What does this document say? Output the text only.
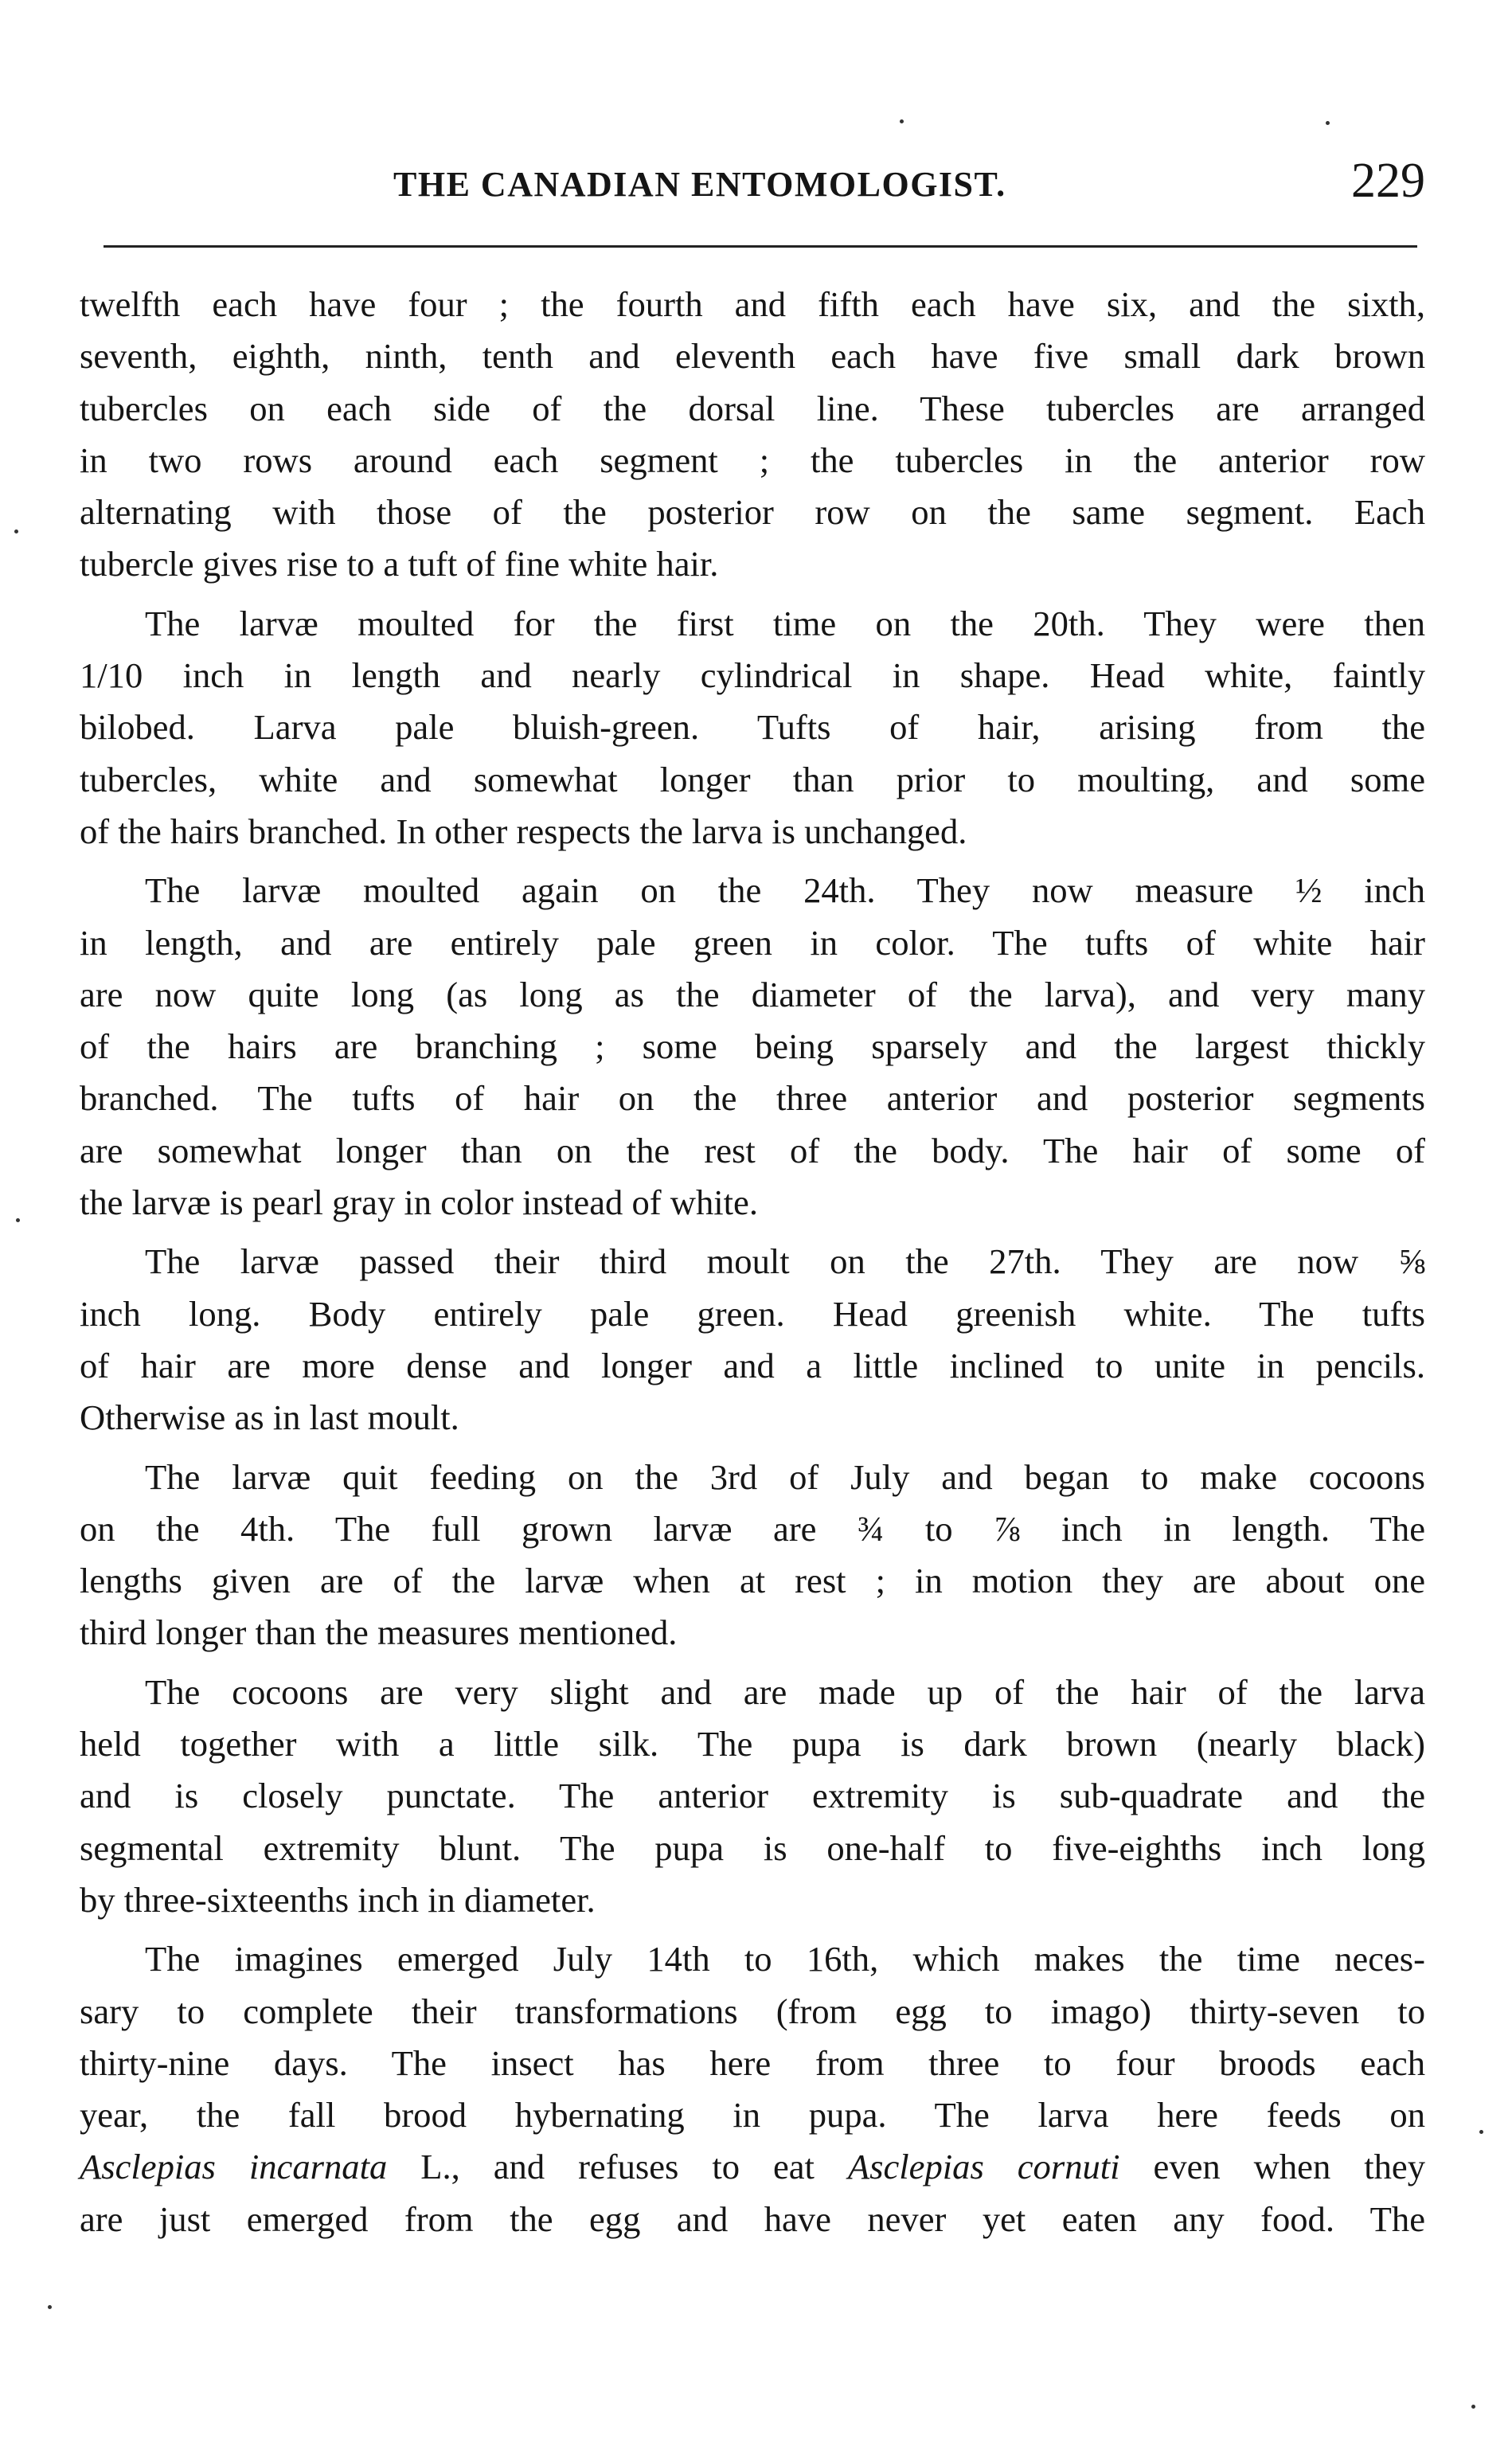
THE CANADIAN ENTOMOLOGIST.	229
twelfth each have four ; the fourth and fifth each have six, and the sixth,
seventh, eighth, ninth, tenth and eleventh each have five small dark brown
tubercles on each side of the dorsal line. These tubercles are arranged
in two rows around each segment ; the tubercles in the anterior row
alternating with those of the posterior row on the same segment. Each
tubercle gives rise to a tuft of fine white hair.
The larvæ moulted for the first time on the 20th. They were then
1/10 inch in length and nearly cylindrical in shape. Head white, faintly
bilobed. Larva pale bluish-green. Tufts of hair, arising from the
tubercles, white and somewhat longer than prior to moulting, and some
of the hairs branched. In other respects the larva is unchanged.
The larvæ moulted again on the 24th. They now measure ½ inch
in length, and are entirely pale green in color. The tufts of white hair
are now quite long (as long as the diameter of the larva), and very many
of the hairs are branching ; some being sparsely and the largest thickly
branched. The tufts of hair on the three anterior and posterior segments
are somewhat longer than on the rest of the body. The hair of some of
the larvæ is pearl gray in color instead of white.
The larvæ passed their third moult on the 27th. They are now ⅝
inch long. Body entirely pale green. Head greenish white. The tufts
of hair are more dense and longer and a little inclined to unite in pencils.
Otherwise as in last moult.
The larvæ quit feeding on the 3rd of July and began to make cocoons
on the 4th. The full grown larvæ are ¾ to ⅞ inch in length. The
lengths given are of the larvæ when at rest ; in motion they are about one
third longer than the measures mentioned.
The cocoons are very slight and are made up of the hair of the larva
held together with a little silk. The pupa is dark brown (nearly black)
and is closely punctate. The anterior extremity is sub-quadrate and the
segmental extremity blunt. The pupa is one-half to five-eighths inch long
by three-sixteenths inch in diameter.
The imagines emerged July 14th to 16th, which makes the time neces-
sary to complete their transformations (from egg to imago) thirty-seven to
thirty-nine days. The insect has here from three to four broods each
year, the fall brood hybernating in pupa. The larva here feeds on
Asclepias incarnata L., and refuses to eat Asclepias cornuti even when they
are just emerged from the egg and have never yet eaten any food. The
